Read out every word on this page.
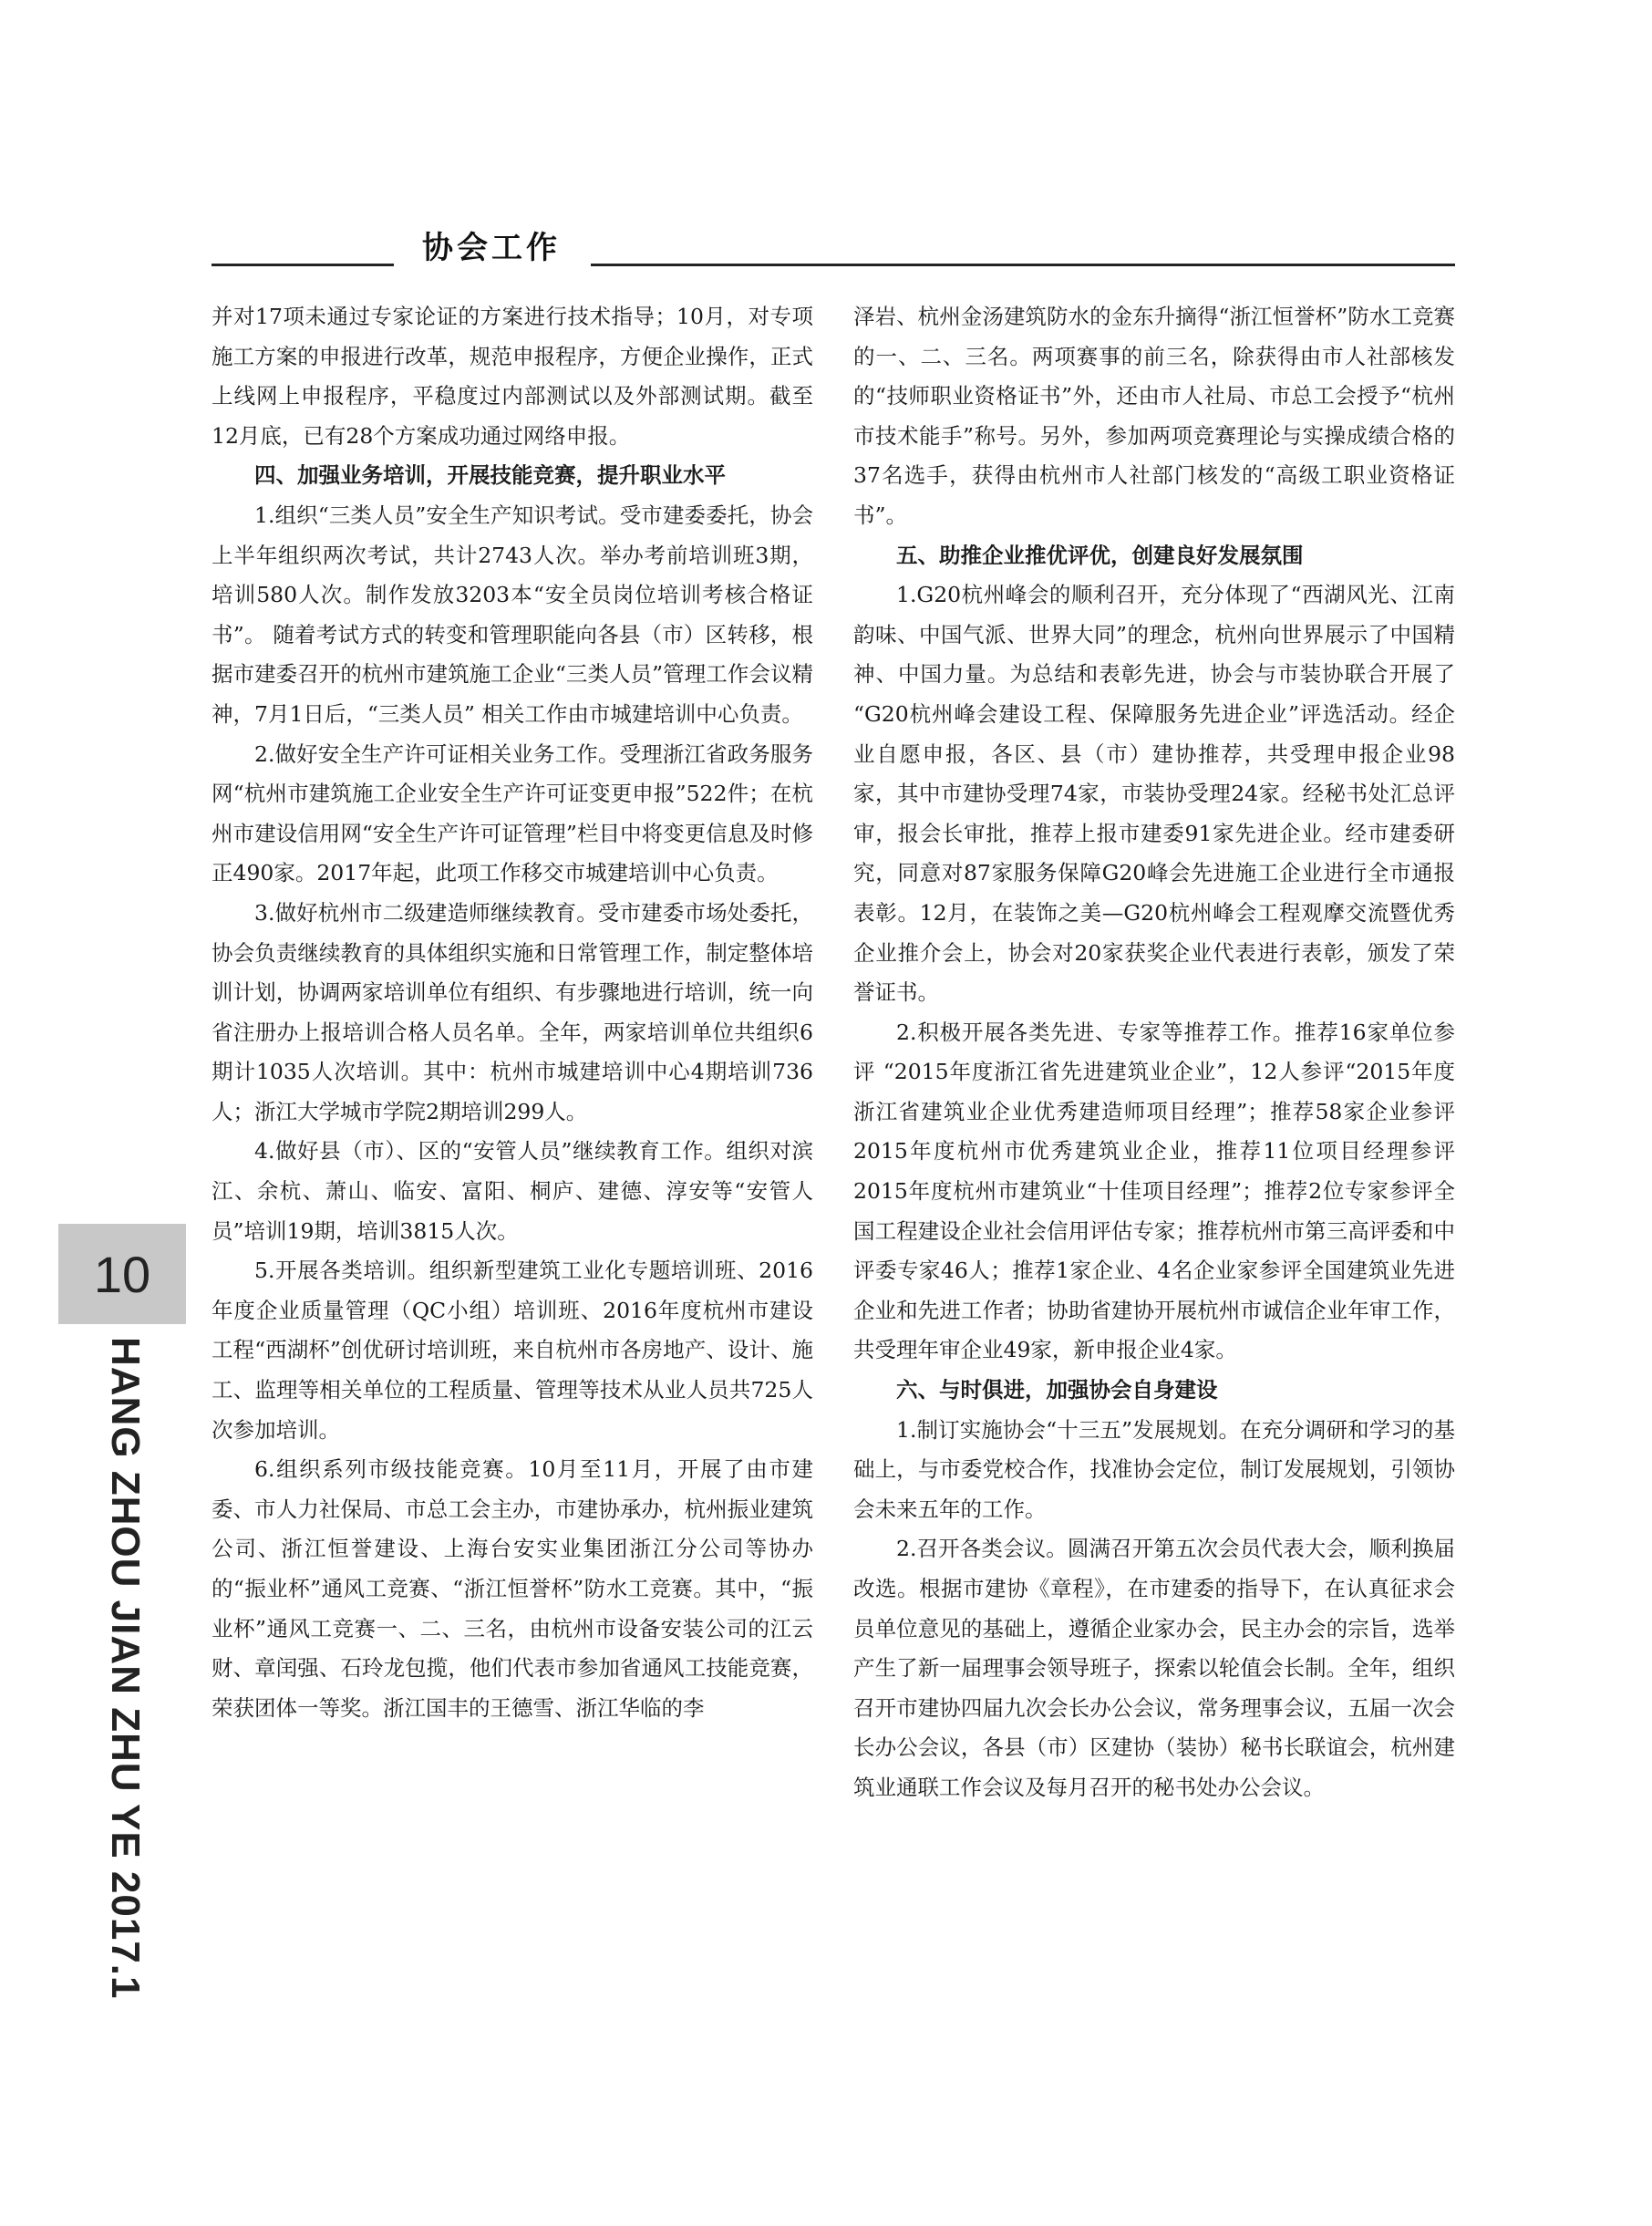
协会工作

并对17项未通过专家论证的方案进行技术指导；10月，对专项施工方案的申报进行改革，规范申报程序，方便企业操作，正式上线网上申报程序，平稳度过内部测试以及外部测试期。截至12月底，已有28个方案成功通过网络申报。

四、加强业务培训，开展技能竞赛，提升职业水平

1.组织“三类人员”安全生产知识考试。受市建委委托，协会上半年组织两次考试，共计2743人次。举办考前培训班3期，培训580人次。制作发放3203本“安全员岗位培训考核合格证书”。 随着考试方式的转变和管理职能向各县（市）区转移，根据市建委召开的杭州市建筑施工企业“三类人员”管理工作会议精神，7月1日后，“三类人员” 相关工作由市城建培训中心负责。

2.做好安全生产许可证相关业务工作。受理浙江省政务服务网“杭州市建筑施工企业安全生产许可证变更申报”522件；在杭州市建设信用网“安全生产许可证管理”栏目中将变更信息及时修正490家。2017年起，此项工作移交市城建培训中心负责。

3.做好杭州市二级建造师继续教育。受市建委市场处委托，协会负责继续教育的具体组织实施和日常管理工作，制定整体培训计划，协调两家培训单位有组织、有步骤地进行培训，统一向省注册办上报培训合格人员名单。全年，两家培训单位共组织6期计1035人次培训。其中：杭州市城建培训中心4期培训736人；浙江大学城市学院2期培训299人。

4.做好县（市）、区的“安管人员”继续教育工作。组织对滨江、余杭、萧山、临安、富阳、桐庐、建德、淳安等“安管人员”培训19期，培训3815人次。

5.开展各类培训。组织新型建筑工业化专题培训班、2016年度企业质量管理（QC小组）培训班、2016年度杭州市建设工程“西湖杯”创优研讨培训班，来自杭州市各房地产、设计、施工、监理等相关单位的工程质量、管理等技术从业人员共725人次参加培训。

6.组织系列市级技能竞赛。10月至11月，开展了由市建委、市人力社保局、市总工会主办，市建协承办，杭州振业建筑公司、浙江恒誉建设、上海台安实业集团浙江分公司等协办的“振业杯”通风工竞赛、“浙江恒誉杯”防水工竞赛。其中，“振业杯”通风工竞赛一、二、三名，由杭州市设备安装公司的江云财、章闰强、石玲龙包揽，他们代表市参加省通风工技能竞赛，荣获团体一等奖。浙江国丰的王德雪、浙江华临的李

泽岩、杭州金汤建筑防水的金东升摘得“浙江恒誉杯”防水工竞赛的一、二、三名。两项赛事的前三名，除获得由市人社部核发的“技师职业资格证书”外，还由市人社局、市总工会授予“杭州市技术能手”称号。另外，参加两项竞赛理论与实操成绩合格的37名选手，获得由杭州市人社部门核发的“高级工职业资格证书”。

五、助推企业推优评优，创建良好发展氛围

1.G20杭州峰会的顺利召开，充分体现了“西湖风光、江南韵味、中国气派、世界大同”的理念，杭州向世界展示了中国精神、中国力量。为总结和表彰先进，协会与市装协联合开展了 “G20杭州峰会建设工程、保障服务先进企业”评选活动。经企业自愿申报，各区、县（市）建协推荐，共受理申报企业98家，其中市建协受理74家，市装协受理24家。经秘书处汇总评审，报会长审批，推荐上报市建委91家先进企业。经市建委研究，同意对87家服务保障G20峰会先进施工企业进行全市通报表彰。12月，在装饰之美—G20杭州峰会工程观摩交流暨优秀企业推介会上，协会对20家获奖企业代表进行表彰，颁发了荣誉证书。

2.积极开展各类先进、专家等推荐工作。推荐16家单位参评 “2015年度浙江省先进建筑业企业”，12人参评“2015年度浙江省建筑业企业优秀建造师项目经理”；推荐58家企业参评2015年度杭州市优秀建筑业企业，推荐11位项目经理参评2015年度杭州市建筑业“十佳项目经理”；推荐2位专家参评全国工程建设企业社会信用评估专家；推荐杭州市第三高评委和中评委专家46人；推荐1家企业、4名企业家参评全国建筑业先进企业和先进工作者；协助省建协开展杭州市诚信企业年审工作，共受理年审企业49家，新申报企业4家。

六、与时俱进，加强协会自身建设

1.制订实施协会“十三五”发展规划。在充分调研和学习的基础上，与市委党校合作，找准协会定位，制订发展规划，引领协会未来五年的工作。

2.召开各类会议。圆满召开第五次会员代表大会，顺利换届改选。根据市建协《章程》，在市建委的指导下，在认真征求会员单位意见的基础上，遵循企业家办会，民主办会的宗旨，选举产生了新一届理事会领导班子，探索以轮值会长制。全年，组织召开市建协四届九次会长办公会议，常务理事会议，五届一次会长办公会议，各县（市）区建协（装协）秘书长联谊会，杭州建筑业通联工作会议及每月召开的秘书处办公会议。

10
HANG ZHOU JIAN ZHU YE 2017.1
